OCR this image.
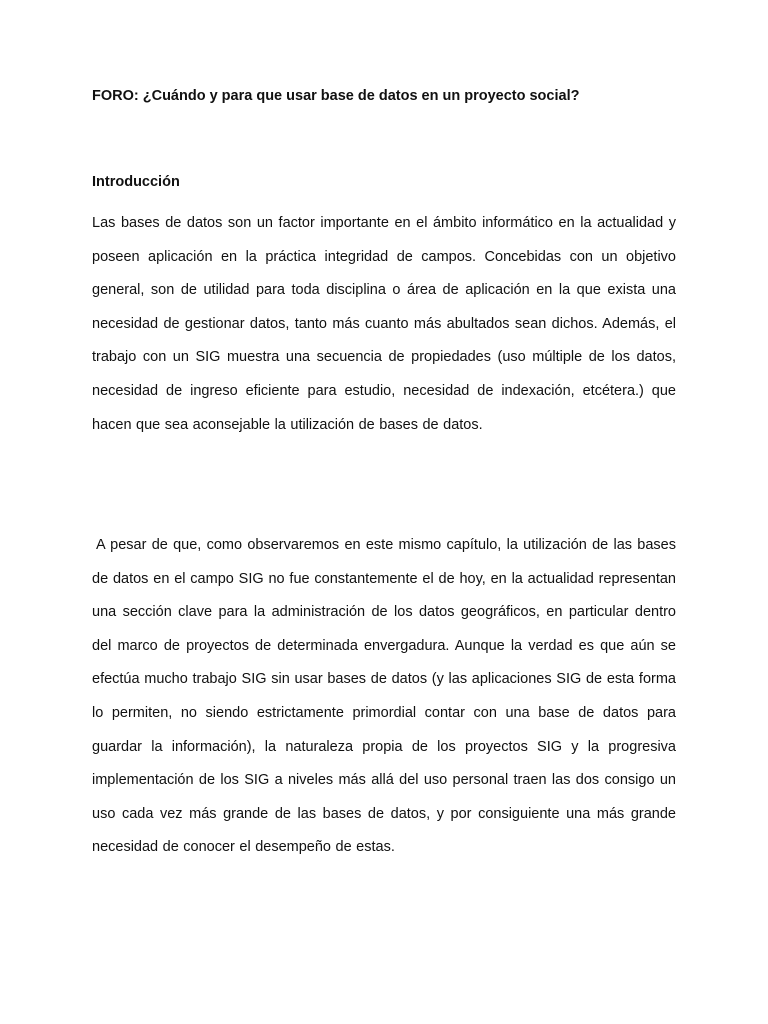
FORO: ¿Cuándo y para que usar base de datos en un proyecto social?
Introducción

Las bases de datos son un factor importante en el ámbito informático en la actualidad y poseen aplicación en la práctica integridad de campos. Concebidas con un objetivo general, son de utilidad para toda disciplina o área de aplicación en la que exista una necesidad de gestionar datos, tanto más cuanto más abultados sean dichos. Además, el trabajo con un SIG muestra una secuencia de propiedades (uso múltiple de los datos, necesidad de ingreso eficiente para estudio, necesidad de indexación, etcétera.) que hacen que sea aconsejable la utilización de bases de datos.

A pesar de que, como observaremos en este mismo capítulo, la utilización de las bases de datos en el campo SIG no fue constantemente el de hoy, en la actualidad representan una sección clave para la administración de los datos geográficos, en particular dentro del marco de proyectos de determinada envergadura. Aunque la verdad es que aún se efectúa mucho trabajo SIG sin usar bases de datos (y las aplicaciones SIG de esta forma lo permiten, no siendo estrictamente primordial contar con una base de datos para guardar la información), la naturaleza propia de los proyectos SIG y la progresiva implementación de los SIG a niveles más allá del uso personal traen las dos consigo un uso cada vez más grande de las bases de datos, y por consiguiente una más grande necesidad de conocer el desempeño de estas.
